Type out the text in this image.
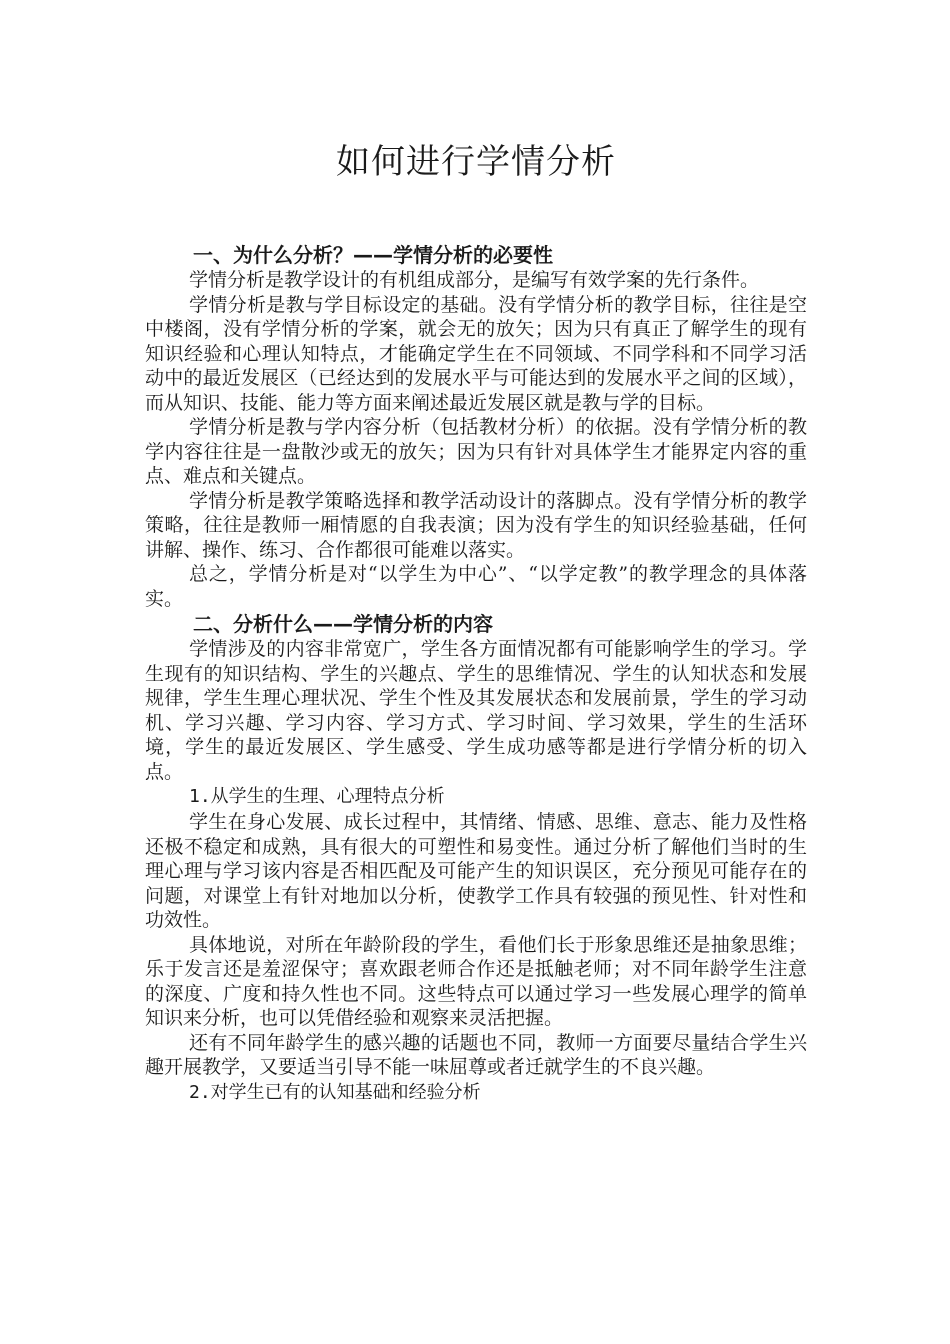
如何进行学情分析
一、为什么分析？——学情分析的必要性

学情分析是教学设计的有机组成部分，是编写有效学案的先行条件。

学情分析是教与学目标设定的基础。没有学情分析的教学目标，往往是空中楼阁，没有学情分析的学案，就会无的放矢；因为只有真正了解学生的现有知识经验和心理认知特点，才能确定学生在不同领域、不同学科和不同学习活动中的最近发展区（已经达到的发展水平与可能达到的发展水平之间的区域），而从知识、技能、能力等方面来阐述最近发展区就是教与学的目标。

学情分析是教与学内容分析（包括教材分析）的依据。没有学情分析的教学内容往往是一盘散沙或无的放矢；因为只有针对具体学生才能界定内容的重点、难点和关键点。

学情分析是教学策略选择和教学活动设计的落脚点。没有学情分析的教学策略，往往是教师一厢情愿的自我表演；因为没有学生的知识经验基础，任何讲解、操作、练习、合作都很可能难以落实。

总之，学情分析是对“以学生为中心”、“以学定教”的教学理念的具体落实。

二、分析什么——学情分析的内容

学情涉及的内容非常宽广，学生各方面情况都有可能影响学生的学习。学生现有的知识结构、学生的兴趣点、学生的思维情况、学生的认知状态和发展规律，学生生理心理状况、学生个性及其发展状态和发展前景，学生的学习动机、学习兴趣、学习内容、学习方式、学习时间、学习效果，学生的生活环境，学生的最近发展区、学生感受、学生成功感等都是进行学情分析的切入点。

1.从学生的生理、心理特点分析

学生在身心发展、成长过程中，其情绪、情感、思维、意志、能力及性格还极不稳定和成熟，具有很大的可塑性和易变性。通过分析了解他们当时的生理心理与学习该内容是否相匹配及可能产生的知识误区，充分预见可能存在的问题，对课堂上有针对地加以分析，使教学工作具有较强的预见性、针对性和功效性。

具体地说，对所在年龄阶段的学生，看他们长于形象思维还是抽象思维；乐于发言还是羞涩保守；喜欢跟老师合作还是抵触老师；对不同年龄学生注意的深度、广度和持久性也不同。这些特点可以通过学习一些发展心理学的简单知识来分析，也可以凭借经验和观察来灵活把握。

还有不同年龄学生的感兴趣的话题也不同，教师一方面要尽量结合学生兴趣开展教学，又要适当引导不能一味屈尊或者迁就学生的不良兴趣。

2.对学生已有的认知基础和经验分析
